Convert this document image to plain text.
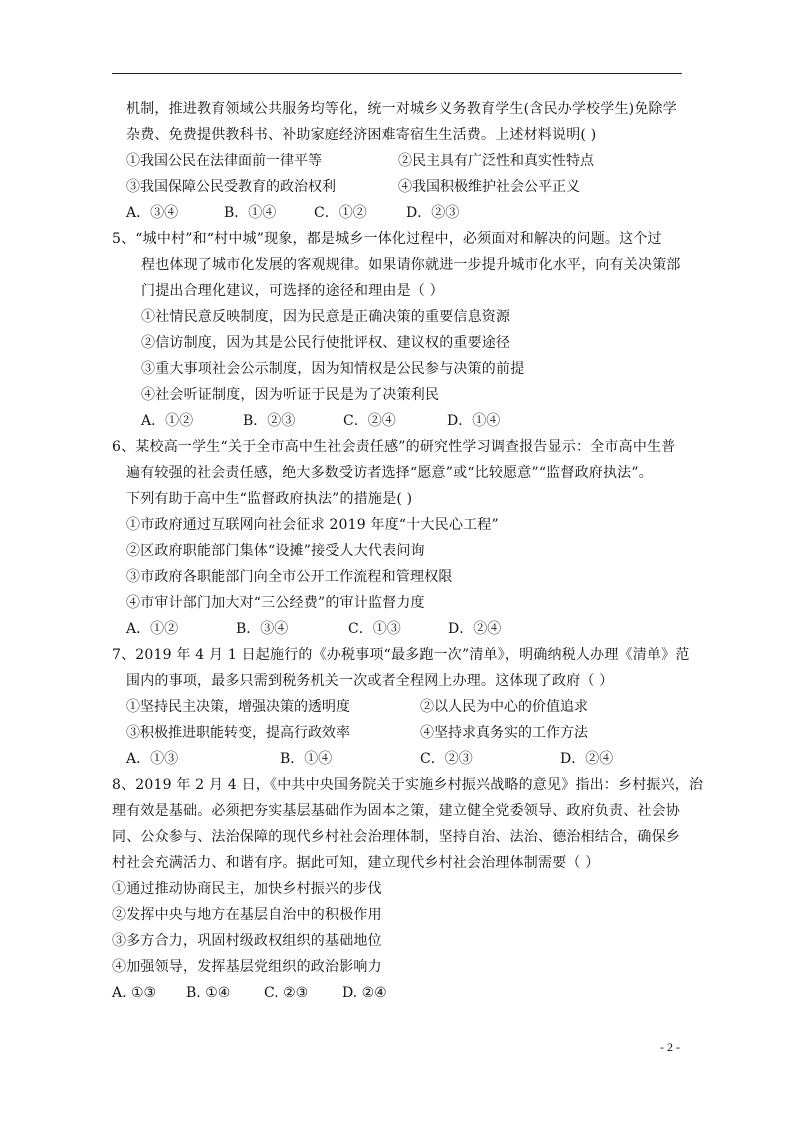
机制，推进教育领域公共服务均等化，统一对城乡义务教育学生(含民办学校学生)免除学
杂费、免费提供教科书、补助家庭经济困难寄宿生生活费。上述材料说明( )
①我国公民在法律面前一律平等	②民主具有广泛性和真实性特点
③我国保障公民受教育的政治权利	④我国积极维护社会公平正义
A．③④	B．①④	C．①②	D．②③
5、“城中村”和“村中城”现象，都是城乡一体化过程中，必须面对和解决的问题。这个过
程也体现了城市化发展的客观规律。如果请你就进一步提升城市化水平，向有关决策部
门提出合理化建议，可选择的途径和理由是（ ）
①社情民意反映制度，因为民意是正确决策的重要信息资源
②信访制度，因为其是公民行使批评权、建议权的重要途径
③重大事项社会公示制度，因为知情权是公民参与决策的前提
④社会听证制度，因为听证于民是为了决策利民
A．①②	B．②③	C．②④	D．①④
6、某校高一学生“关于全市高中生社会责任感”的研究性学习调查报告显示：全市高中生普
遍有较强的社会责任感，绝大多数受访者选择“愿意”或“比较愿意”“监督政府执法”。
下列有助于高中生“监督政府执法”的措施是( )
①市政府通过互联网向社会征求 2019 年度“十大民心工程”
②区政府职能部门集体“设摊”接受人大代表问询
③市政府各职能部门向全市公开工作流程和管理权限
④市审计部门加大对“三公经费”的审计监督力度
A．①②	B．③④	C．①③	D．②④
7、2019 年 4 月 1 日起施行的《办税事项“最多跑一次”清单》，明确纳税人办理《清单》范
围内的事项，最多只需到税务机关一次或者全程网上办理。这体现了政府（ ）
①坚持民主决策，增强决策的透明度	②以人民为中心的价值追求
③积极推进职能转变，提高行政效率	④坚持求真务实的工作方法
A．①③	B．①④	C．②③	D．②④
8、2019 年 2 月 4 日，《中共中央国务院关于实施乡村振兴战略的意见》指出：乡村振兴，治
理有效是基础。必须把夯实基层基础作为固本之策，建立健全党委领导、政府负责、社会协
同、公众参与、法治保障的现代乡村社会治理体制，坚持自治、法治、德治相结合，确保乡
村社会充满活力、和谐有序。据此可知，建立现代乡村社会治理体制需要（ ）
①通过推动协商民主，加快乡村振兴的步伐
②发挥中央与地方在基层自治中的积极作用
③多方合力，巩固村级政权组织的基础地位
④加强领导，发挥基层党组织的政治影响力
A. ①③ B. ①④ C. ②③ D. ②④
- 2 -
